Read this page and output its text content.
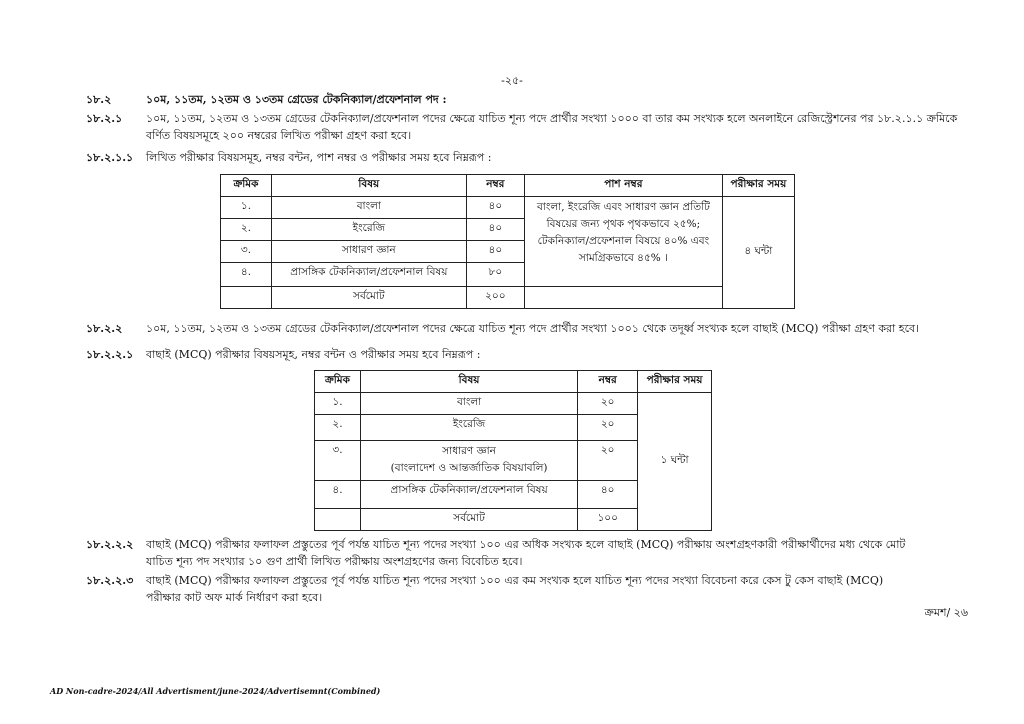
-২৫-
১৮.২	১০ম, ১১তম, ১২তম ও ১৩তম গ্রেডের টেকনিক্যাল/প্রফেশনাল পদ :
১৮.২.১ ১০ম, ১১তম, ১২তম ও ১৩তম গ্রেডের টেকনিক্যাল/প্রফেশনাল পদের ক্ষেত্রে যাচিত শূন্য পদে প্রার্থীর সংখ্যা ১০০০ বা তার কম সংখ্যক হলে অনলাইনে রেজিস্ট্রেশনের পর ১৮.২.১.১ ক্রমিকে
বর্ণিত বিষয়সমূহে ২০০ নম্বরের লিখিত পরীক্ষা গ্রহণ করা হবে।
১৮.২.১.১ লিখিত পরীক্ষার বিষয়সমূহ, নম্বর বন্টন, পাশ নম্বর ও পরীক্ষার সময় হবে নিম্নরূপ :
ক্রমিক	বিষয়	নম্বর	পাশ নম্বর	পরীক্ষার সময়
১.	বাংলা	৪০	বাংলা, ইংরেজি এবং সাধারণ জ্ঞান প্রতিটি
বিষয়ের জন্য পৃথক পৃথকভাবে ২৫%;
টেকনিক্যাল/প্রফেশনাল বিষয়ে ৪০% এবং
সামগ্রিকভাবে ৪৫% ।	৪ ঘন্টা
২.	ইংরেজি	৪০		
৩.	সাধারণ জ্ঞান	৪০		
৪.	প্রাসঙ্গিক টেকনিক্যাল/প্রফেশনাল বিষয়	৮০		
	সর্বমোট	২০০		
১৮.২.২ ১০ম, ১১তম, ১২তম ও ১৩তম গ্রেডের টেকনিক্যাল/প্রফেশনাল পদের ক্ষেত্রে যাচিত শূন্য পদে প্রার্থীর সংখ্যা ১০০১ থেকে তদূর্ধ্ব সংখ্যক হলে বাছাই (MCQ) পরীক্ষা গ্রহণ করা হবে।
১৮.২.২.১ বাছাই (MCQ) পরীক্ষার বিষয়সমূহ, নম্বর বন্টন ও পরীক্ষার সময় হবে নিম্নরূপ :
ক্রমিক	বিষয়	নম্বর	পরীক্ষার সময়
১.	বাংলা	২০	১ ঘন্টা
২.	ইংরেজি	২০	
৩.	সাধারণ জ্ঞান
(বাংলাদেশ ও আন্তর্জাতিক বিষয়াবলি)	২০	
৪.	প্রাসঙ্গিক টেকনিক্যাল/প্রফেশনাল বিষয়	৪০	
	সর্বমোট	১০০	
১৮.২.২.২ বাছাই (MCQ) পরীক্ষার ফলাফল প্রস্তুতের পূর্ব পর্যন্ত যাচিত শূন্য পদের সংখ্যা ১০০ এর অধিক সংখ্যক হলে বাছাই (MCQ) পরীক্ষায় অংশগ্রহণকারী পরীক্ষার্থীদের মধ্য থেকে মোট
যাচিত শূন্য পদ সংখ্যার ১০ গুণ প্রার্থী লিখিত পরীক্ষায় অংশগ্রহণের জন্য বিবেচিত হবে।
১৮.২.২.৩ বাছাই (MCQ) পরীক্ষার ফলাফল প্রস্তুতের পূর্ব পর্যন্ত যাচিত শূন্য পদের সংখ্যা ১০০ এর কম সংখ্যক হলে যাচিত শূন্য পদের সংখ্যা বিবেচনা করে কেস টু কেস বাছাই (MCQ)
পরীক্ষার কাট অফ মার্ক নির্ধারণ করা হবে।
ক্রমশ/ ২৬
AD Non-cadre-2024/All Advertisment/june-2024/Advertisemnt(Combined)
